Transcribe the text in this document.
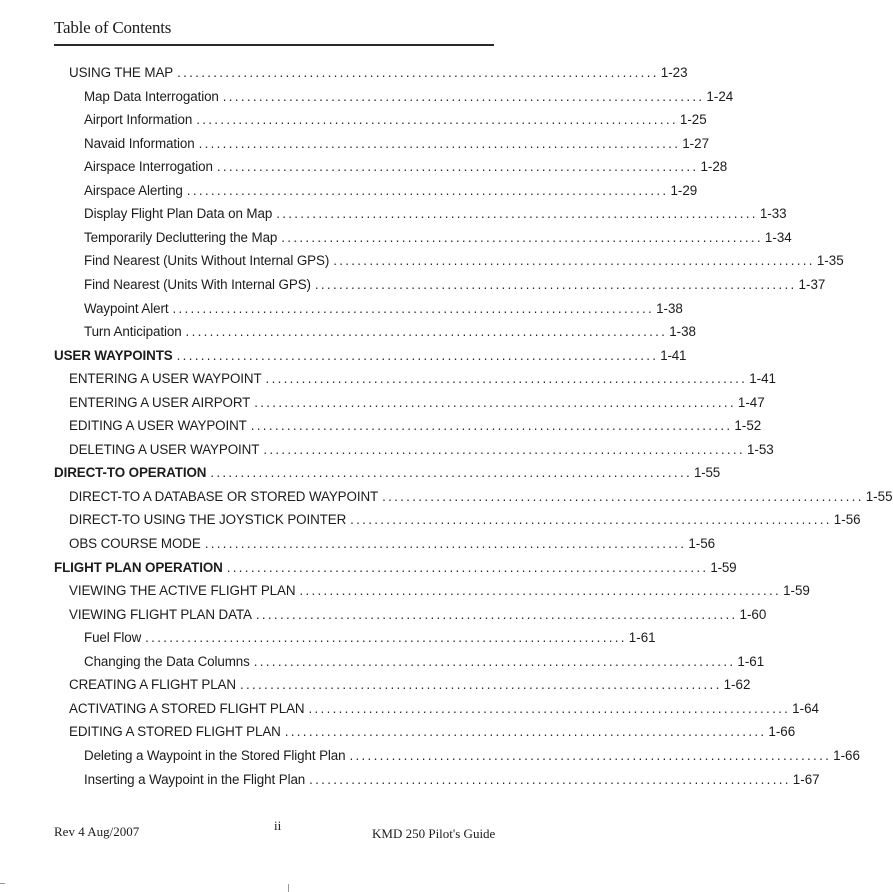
Table of Contents
USING THE MAP ................................................................................ 1-23
Map Data Interrogation ................................................................................ 1-24
Airport Information ................................................................................ 1-25
Navaid Information ................................................................................ 1-27
Airspace Interrogation ................................................................................ 1-28
Airspace Alerting ................................................................................ 1-29
Display Flight Plan Data on Map ................................................................................ 1-33
Temporarily Decluttering the Map ................................................................................ 1-34
Find Nearest (Units Without Internal GPS) ................................................................................ 1-35
Find Nearest (Units With Internal GPS) ................................................................................ 1-37
Waypoint Alert ................................................................................ 1-38
Turn Anticipation ................................................................................ 1-38
USER WAYPOINTS ................................................................................ 1-41
ENTERING A USER WAYPOINT ................................................................................ 1-41
ENTERING A USER AIRPORT ................................................................................ 1-47
EDITING A USER WAYPOINT ................................................................................ 1-52
DELETING A USER WAYPOINT ................................................................................ 1-53
DIRECT-TO OPERATION ................................................................................ 1-55
DIRECT-TO A DATABASE OR STORED WAYPOINT ................................................................................ 1-55
DIRECT-TO USING THE JOYSTICK POINTER ................................................................................ 1-56
OBS COURSE MODE ................................................................................ 1-56
FLIGHT PLAN OPERATION ................................................................................ 1-59
VIEWING THE ACTIVE FLIGHT PLAN ................................................................................ 1-59
VIEWING FLIGHT PLAN DATA ................................................................................ 1-60
Fuel Flow ................................................................................ 1-61
Changing the Data Columns ................................................................................ 1-61
CREATING A FLIGHT PLAN ................................................................................ 1-62
ACTIVATING A STORED FLIGHT PLAN ................................................................................ 1-64
EDITING A STORED FLIGHT PLAN ................................................................................ 1-66
Deleting a Waypoint in the Stored Flight Plan ................................................................................ 1-66
Inserting a Waypoint in the Flight Plan ................................................................................ 1-67
Rev 4 Aug/2007	ii
KMD 250 Pilot's Guide
